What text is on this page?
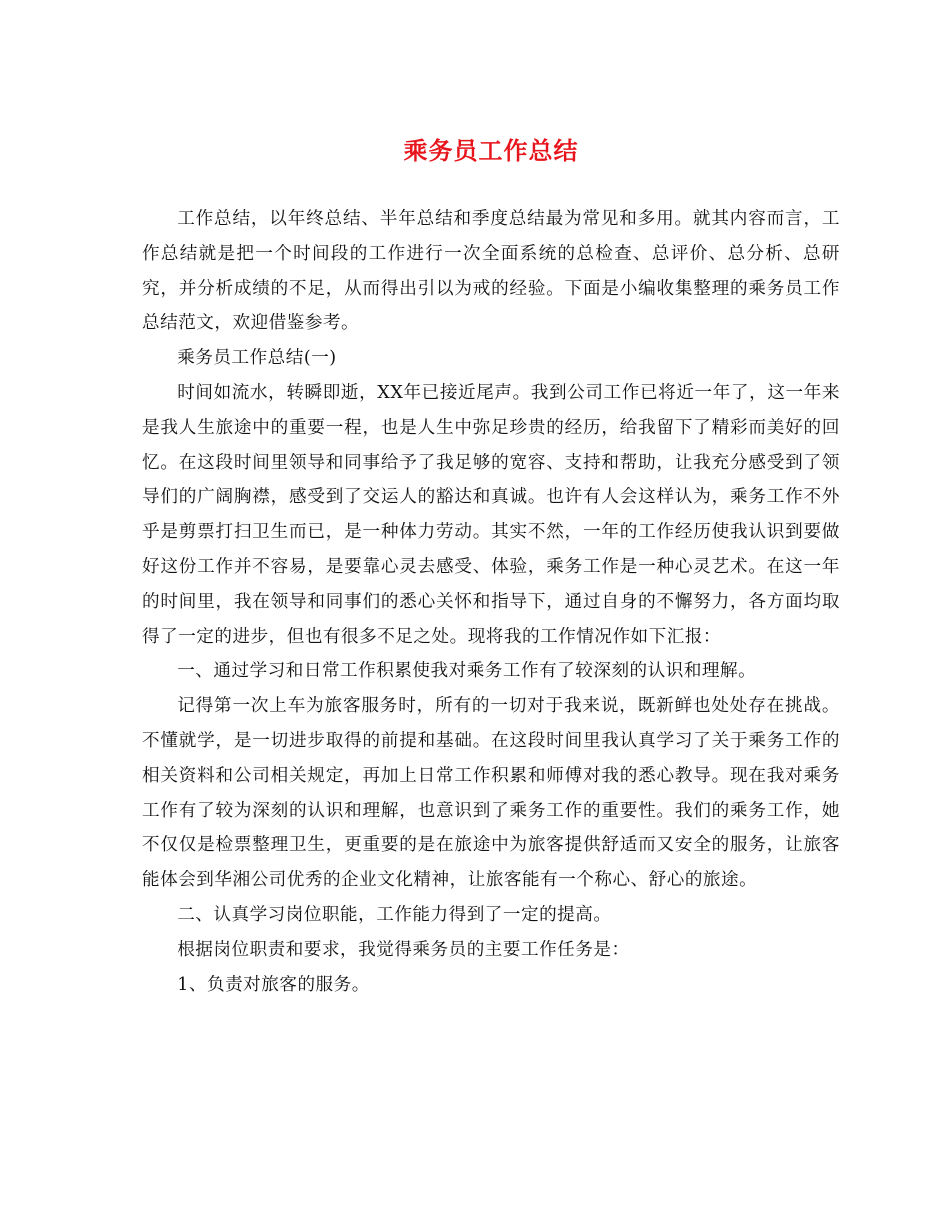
乘务员工作总结

工作总结，以年终总结、半年总结和季度总结最为常见和多用。就其内容而言，工作总结就是把一个时间段的工作进行一次全面系统的总检查、总评价、总分析、总研究，并分析成绩的不足，从而得出引以为戒的经验。下面是小编收集整理的乘务员工作总结范文，欢迎借鉴参考。

乘务员工作总结(一)

时间如流水，转瞬即逝，XX年已接近尾声。我到公司工作已将近一年了，这一年来是我人生旅途中的重要一程，也是人生中弥足珍贵的经历，给我留下了精彩而美好的回忆。在这段时间里领导和同事给予了我足够的宽容、支持和帮助，让我充分感受到了领导们的广阔胸襟，感受到了交运人的豁达和真诚。也许有人会这样认为，乘务工作不外乎是剪票打扫卫生而已，是一种体力劳动。其实不然，一年的工作经历使我认识到要做好这份工作并不容易，是要靠心灵去感受、体验，乘务工作是一种心灵艺术。在这一年的时间里，我在领导和同事们的悉心关怀和指导下，通过自身的不懈努力，各方面均取得了一定的进步，但也有很多不足之处。现将我的工作情况作如下汇报：

一、通过学习和日常工作积累使我对乘务工作有了较深刻的认识和理解。

记得第一次上车为旅客服务时，所有的一切对于我来说，既新鲜也处处存在挑战。不懂就学，是一切进步取得的前提和基础。在这段时间里我认真学习了关于乘务工作的相关资料和公司相关规定，再加上日常工作积累和师傅对我的悉心教导。现在我对乘务工作有了较为深刻的认识和理解，也意识到了乘务工作的重要性。我们的乘务工作，她不仅仅是检票整理卫生，更重要的是在旅途中为旅客提供舒适而又安全的服务，让旅客能体会到华湘公司优秀的企业文化精神，让旅客能有一个称心、舒心的旅途。

二、认真学习岗位职能，工作能力得到了一定的提高。

根据岗位职责和要求，我觉得乘务员的主要工作任务是：

1、负责对旅客的服务。
